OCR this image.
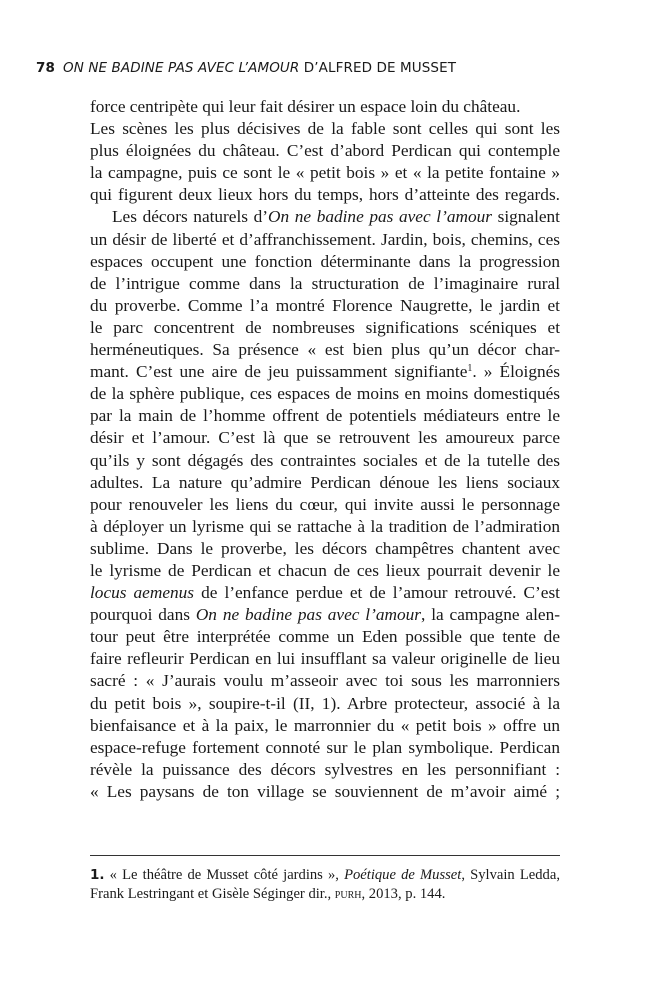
78 ON NE BADINE PAS AVEC L’AMOUR D’ALFRED DE MUSSET
force centripète qui leur fait désirer un espace loin du château.
Les scènes les plus décisives de la fable sont celles qui sont les
plus éloignées du château. C’est d’abord Perdican qui contemple
la campagne, puis ce sont le « petit bois » et « la petite fontaine »
qui figurent deux lieux hors du temps, hors d’atteinte des regards.
Les décors naturels d’On ne badine pas avec l’amour signalent
un désir de liberté et d’affranchissement. Jardin, bois, chemins, ces
espaces occupent une fonction déterminante dans la progression
de l’intrigue comme dans la structuration de l’imaginaire rural
du proverbe. Comme l’a montré Florence Naugrette, le jardin et
le parc concentrent de nombreuses significations scéniques et
herméneutiques. Sa présence « est bien plus qu’un décor char-
mant. C’est une aire de jeu puissamment signifiante$^1$. » Éloignés
de la sphère publique, ces espaces de moins en moins domestiqués
par la main de l’homme offrent de potentiels médiateurs entre le
désir et l’amour. C’est là que se retrouvent les amoureux parce
qu’ils y sont dégagés des contraintes sociales et de la tutelle des
adultes. La nature qu’admire Perdican dénoue les liens sociaux
pour renouveler les liens du cœur, qui invite aussi le personnage
à déployer un lyrisme qui se rattache à la tradition de l’admiration
sublime. Dans le proverbe, les décors champêtres chantent avec
le lyrisme de Perdican et chacun de ces lieux pourrait devenir le
locus aemenus de l’enfance perdue et de l’amour retrouvé. C’est
pourquoi dans On ne badine pas avec l’amour, la campagne alen-
tour peut être interprétée comme un Eden possible que tente de
faire refleurir Perdican en lui insufflant sa valeur originelle de lieu
sacré : « J’aurais voulu m’asseoir avec toi sous les marronniers
du petit bois », soupire-t-il (II, 1). Arbre protecteur, associé à la
bienfaisance et à la paix, le marronnier du « petit bois » offre un
espace-refuge fortement connoté sur le plan symbolique. Perdican
révèle la puissance des décors sylvestres en les personnifiant :
« Les paysans de ton village se souviennent de m’avoir aimé ;
1. « Le théâtre de Musset côté jardins », Poétique de Musset, Sylvain Ledda,
Frank Lestringant et Gisèle Séginger dir., purh, 2013, p. 144.
